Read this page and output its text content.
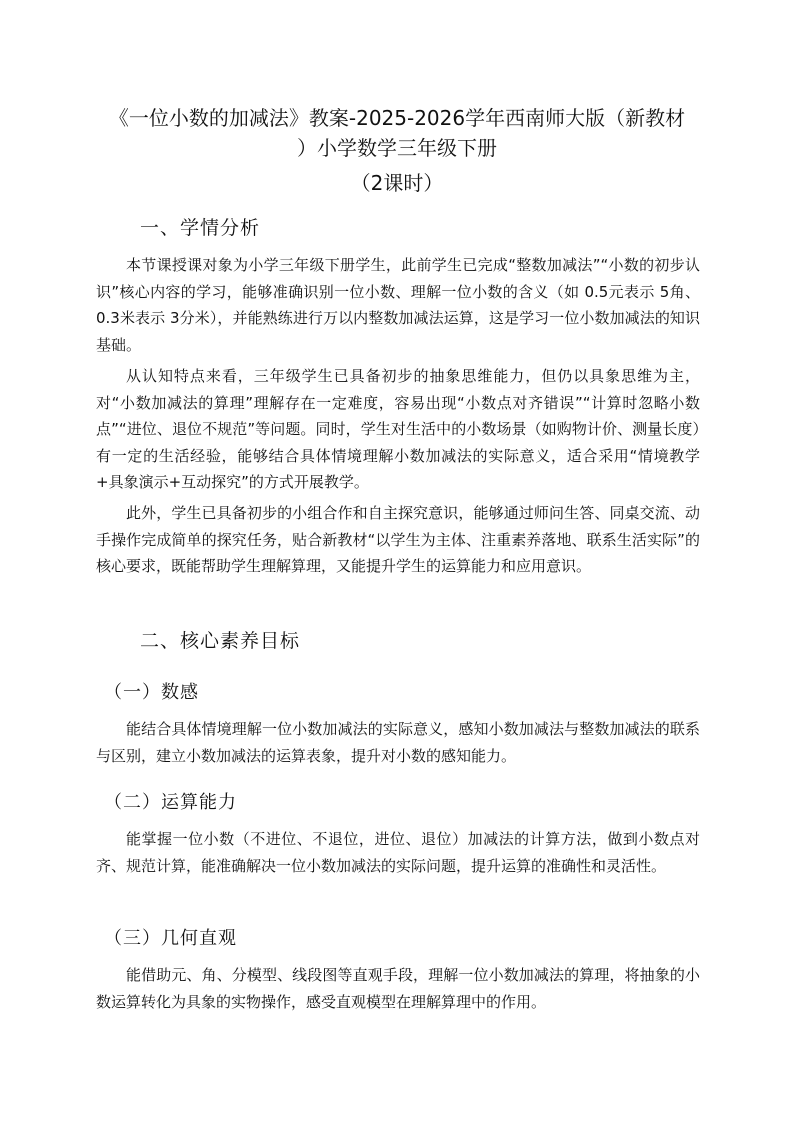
《一位小数的加减法》教案-2025-2026学年西南师大版（新教材
）小学数学三年级下册
（2课时）
一、学情分析

本节课授课对象为小学三年级下册学生，此前学生已完成“整数加减法”“小数的初步认识”核心内容的学习，能够准确识别一位小数、理解一位小数的含义（如 0.5元表示 5角、0.3米表示 3分米），并能熟练进行万以内整数加减法运算，这是学习一位小数加减法的知识基础。

从认知特点来看，三年级学生已具备初步的抽象思维能力，但仍以具象思维为主，对“小数加减法的算理”理解存在一定难度，容易出现“小数点对齐错误”“计算时忽略小数点”“进位、退位不规范”等问题。同时，学生对生活中的小数场景（如购物计价、测量长度）有一定的生活经验，能够结合具体情境理解小数加减法的实际意义，适合采用“情境教学+具象演示+互动探究”的方式开展教学。

此外，学生已具备初步的小组合作和自主探究意识，能够通过师问生答、同桌交流、动手操作完成简单的探究任务，贴合新教材“以学生为主体、注重素养落地、联系生活实际”的核心要求，既能帮助学生理解算理，又能提升学生的运算能力和应用意识。

二、核心素养目标
（一）数感

能结合具体情境理解一位小数加减法的实际意义，感知小数加减法与整数加减法的联系与区别，建立小数加减法的运算表象，提升对小数的感知能力。

（二）运算能力

能掌握一位小数（不进位、不退位，进位、退位）加减法的计算方法，做到小数点对齐、规范计算，能准确解决一位小数加减法的实际问题，提升运算的准确性和灵活性。

（三）几何直观

能借助元、角、分模型、线段图等直观手段，理解一位小数加减法的算理，将抽象的小数运算转化为具象的实物操作，感受直观模型在理解算理中的作用。
